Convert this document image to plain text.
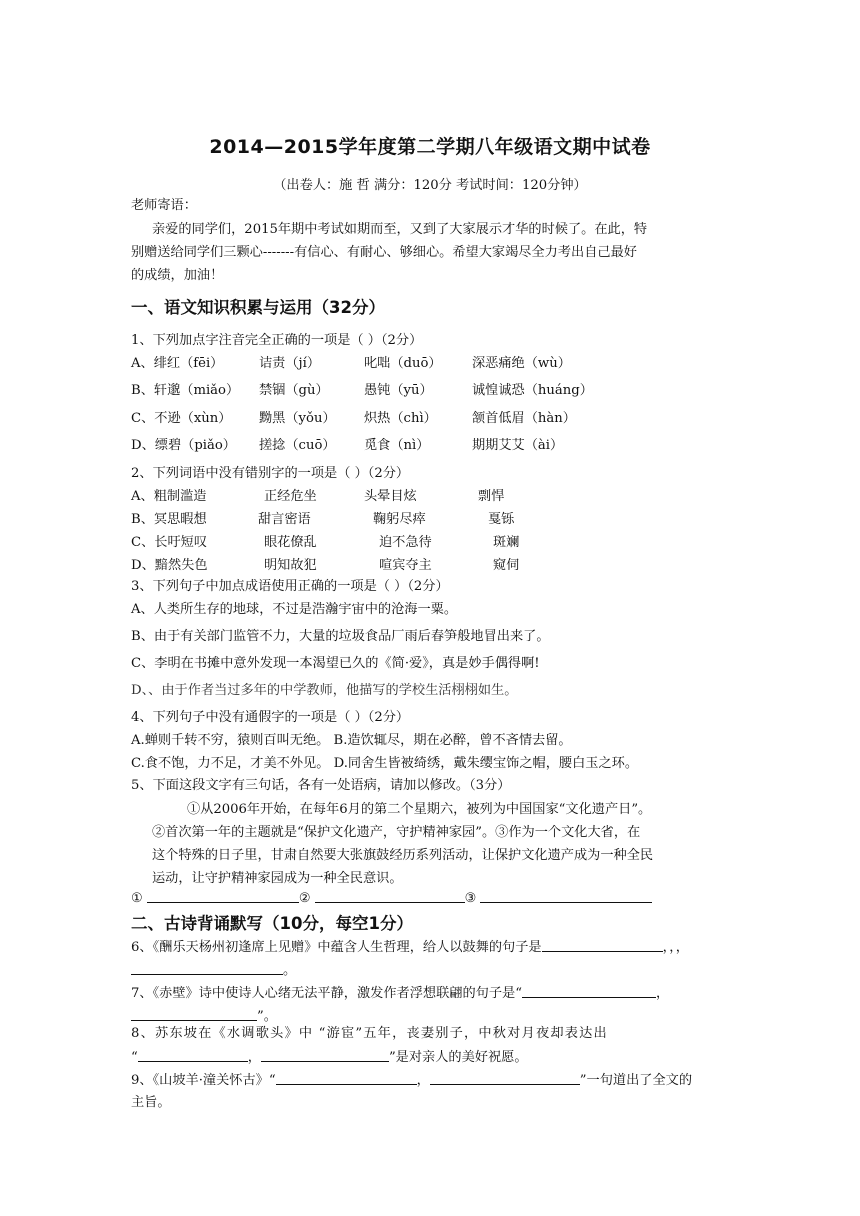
2014—2015学年度第二学期八年级语文期中试卷
（出卷人：施 哲 满分：120分 考试时间：120分钟）
老师寄语：
亲爱的同学们，2015年期中考试如期而至，又到了大家展示才华的时候了。在此，特
别赠送给同学们三颗心-------有信心、有耐心、够细心。希望大家竭尽全力考出自己最好
的成绩，加油！
一、语文知识积累与运用（32分）
1、下列加点字注音完全正确的一项是（ ）（2分）
A、绯红（fēi）	诘责（jí）	叱咄（duō） 深恶痛绝（wù）
B、轩邈（miǎo） 禁锢（gù）	愚钝（yū）	诚惶诚恐（huáng）
C、不逊（xùn） 黝黑（yǒu） 炽热（chì）	颔首低眉（hàn）
D、缥碧（piǎo） 搓捻（cuō） 觅食（nì）	期期艾艾（ài）
2、下列词语中没有错别字的一项是（ ）（2分）
A、粗制滥造	正经危坐	头晕目炫	剽悍
B、冥思暇想	甜言密语	鞠躬尽瘁	戛铄
C、长吁短叹	眼花僚乱	迫不急待	斑斓
D、黯然失色	明知故犯	喧宾夺主	窥伺
3、下列句子中加点成语使用正确的一项是（ ）（2分）
A、人类所生存的地球，不过是浩瀚宇宙中的沧海一粟。
B、由于有关部门监管不力，大量的垃圾食品厂雨后春笋般地冒出来了。
C、李明在书摊中意外发现一本渴望已久的《简·爱》，真是妙手偶得啊!
D、、由于作者当过多年的中学教师，他描写的学校生活栩栩如生。
4、下列句子中没有通假字的一项是（ ）（2分）
A.蝉则千转不穷，猿则百叫无绝。 B.造饮辄尽，期在必醉，曾不吝情去留。
C.食不饱，力不足，才美不外见。 D.同舍生皆被绮绣，戴朱缨宝饰之帽，腰白玉之环。
5、下面这段文字有三句话，各有一处语病，请加以修改。（3分）
①从2006年开始，在每年6月的第二个星期六，被列为中国国家“文化遗产日”。
②首次第一年的主题就是“保护文化遗产，守护精神家园”。③作为一个文化大省，在
这个特殊的日子里，甘肃自然要大张旗鼓经历系列活动，让保护文化遗产成为一种全民
运动，让守护精神家园成为一种全民意识。
①	②	③
二、古诗背诵默写（10分，每空1分）
6、《酬乐天杨州初逢席上见赠》中蕴含人生哲理，给人以鼓舞的句子是	，，，
。
7、《赤壁》诗中使诗人心绪无法平静，激发作者浮想联翩的句子是“	，
”。
8、苏东坡在《水调歌头》中 “游宦”五年，丧妻别子，中秋对月夜却表达出
“	，	”是对亲人的美好祝愿。
9、《山坡羊·潼关怀古》“	，	”一句道出了全文的
主旨。
